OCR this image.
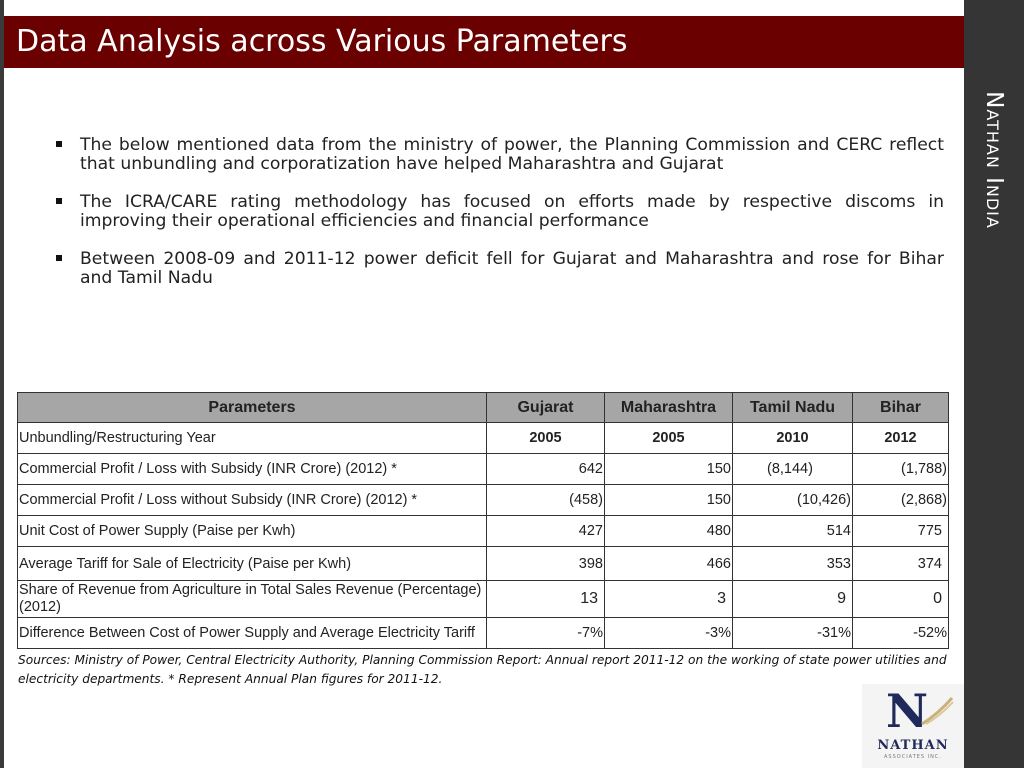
Data Analysis across Various Parameters
Nathan India
The below mentioned data from the ministry of power, the Planning Commission and CERC reflect that unbundling and corporatization have helped Maharashtra and Gujarat
The ICRA/CARE rating methodology has focused on efforts made by respective discoms in improving their operational efficiencies and financial performance
Between 2008-09 and 2011-12 power deficit fell for Gujarat and Maharashtra and rose for Bihar and Tamil Nadu
Parameters	Gujarat	Maharashtra	Tamil Nadu	Bihar
Unbundling/Restructuring Year	2005	2005	2010	2012
Commercial Profit / Loss with Subsidy (INR Crore) (2012) *	642	150	(8,144)	(1,788)
Commercial Profit / Loss without Subsidy (INR Crore) (2012) *	(458)	150	(10,426)	(2,868)
Unit Cost of Power Supply (Paise per Kwh)	427	480	514	775
Average Tariff for Sale of Electricity (Paise per Kwh)	398	466	353	374
Share of Revenue from Agriculture in Total Sales Revenue (Percentage) (2012)	13	3	9	0
Difference Between Cost of Power Supply and Average Electricity Tariff	-7%	-3%	-31%	-52%

Sources: Ministry of Power, Central Electricity Authority, Planning Commission Report: Annual report 2011-12 on the working of state power utilities and electricity departments. * Represent Annual Plan figures for 2011-12.

N
NATHAN
ASSOCIATES INC.
